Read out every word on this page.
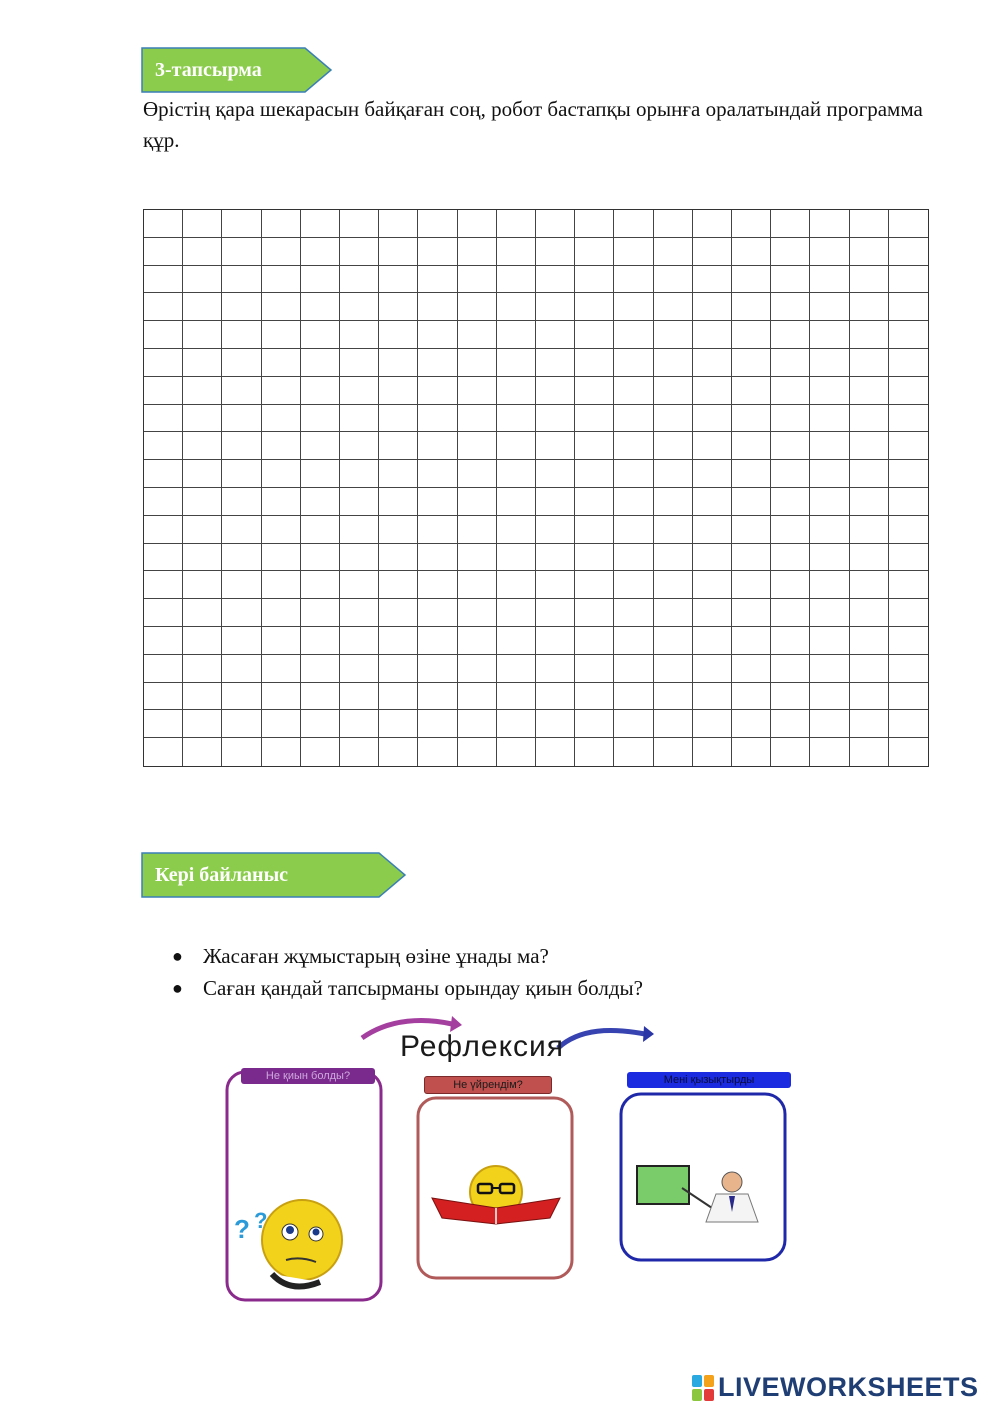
3-тапсырма
Өрістің қара шекарасын байқаған соң, робот бастапқы орынға оралатындай программа құр.
Кері байланыс
● Жасаған жұмыстарың өзіне ұнады ма?
● Саған қандай тапсырманы орындау қиын болды?
? ?
Рефлексия
Не қиын болды?
Не үйрендім?	Мені қызықтырды
LIVEWORKSHEETS
